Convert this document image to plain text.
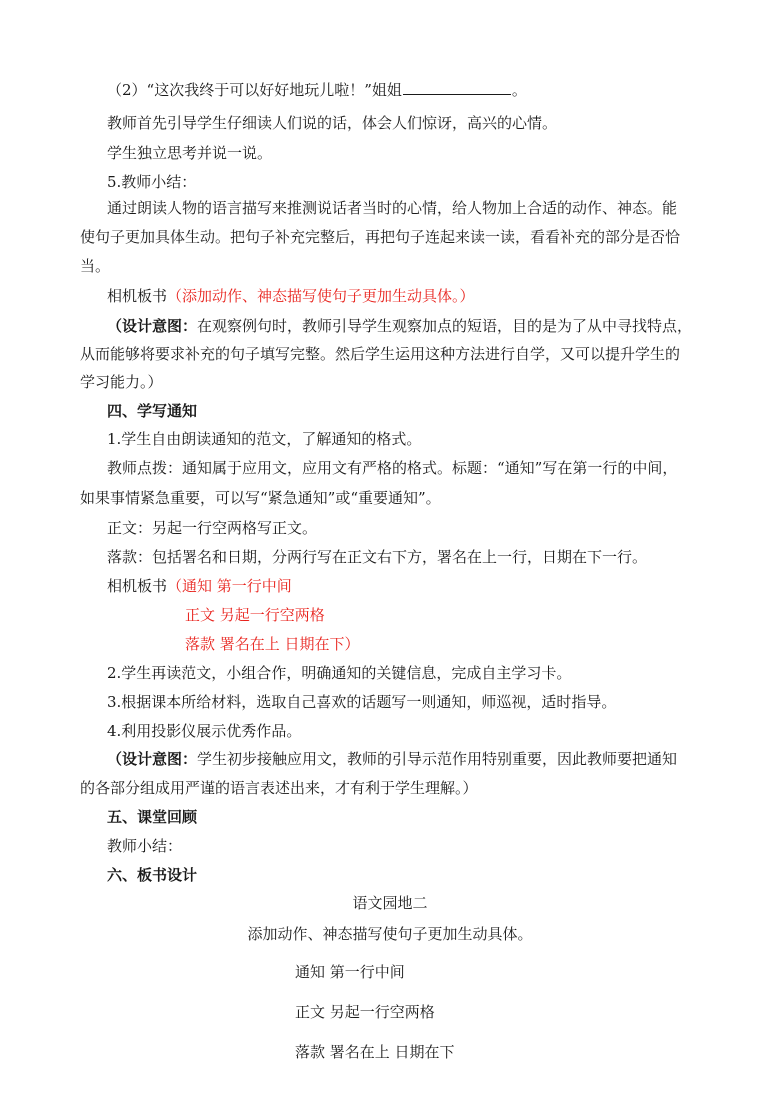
（2）“这次我终于可以好好地玩儿啦！”姐姐	。
教师首先引导学生仔细读人们说的话，体会人们惊讶，高兴的心情。
学生独立思考并说一说。
5.教师小结：
通过朗读人物的语言描写来推测说话者当时的心情，给人物加上合适的动作、神态。能
使句子更加具体生动。把句子补充完整后，再把句子连起来读一读，看看补充的部分是否恰
当。
相机板书（添加动作、神态描写使句子更加生动具体。）
（设计意图：在观察例句时，教师引导学生观察加点的短语，目的是为了从中寻找特点，
从而能够将要求补充的句子填写完整。然后学生运用这种方法进行自学，又可以提升学生的
学习能力。）
四、学写通知
1.学生自由朗读通知的范文，了解通知的格式。
教师点拨：通知属于应用文，应用文有严格的格式。标题：“通知”写在第一行的中间，
如果事情紧急重要，可以写“紧急通知”或“重要通知”。
正文：另起一行空两格写正文。
落款：包括署名和日期，分两行写在正文右下方，署名在上一行，日期在下一行。
相机板书（通知 第一行中间
正文 另起一行空两格
落款 署名在上 日期在下）
2.学生再读范文，小组合作，明确通知的关键信息，完成自主学习卡。
3.根据课本所给材料，选取自己喜欢的话题写一则通知，师巡视，适时指导。
4.利用投影仪展示优秀作品。
（设计意图：学生初步接触应用文，教师的引导示范作用特别重要，因此教师要把通知
的各部分组成用严谨的语言表述出来，才有利于学生理解。）
五、课堂回顾
教师小结：
六、板书设计
语文园地二
添加动作、神态描写使句子更加生动具体。
通知 第一行中间
正文 另起一行空两格
落款 署名在上 日期在下
